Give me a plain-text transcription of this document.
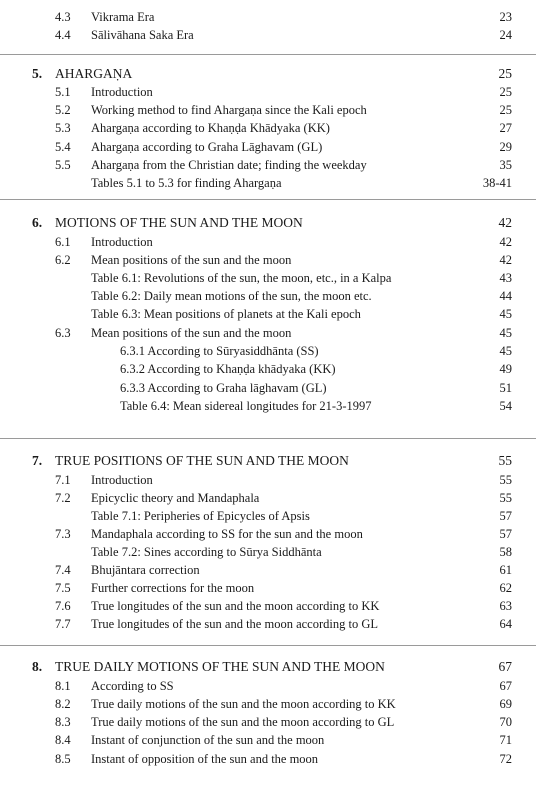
4.3 Vikrama Era	23
4.4 Sālivāhana Saka Era	24
5. AHARGAṆA	25
5.1 Introduction	25
5.2 Working method to find Ahargaṇa since the Kali epoch	25
5.3 Ahargaṇa according to Khaṇḍa Khādyaka (KK)	27
5.4 Ahargaṇa according to Graha Lāghavam (GL)	29
5.5 Ahargaṇa from the Christian date; finding the weekday	35
Tables 5.1 to 5.3 for finding Ahargaṇa	38-41
6. MOTIONS OF THE SUN AND THE MOON	42
6.1 Introduction	42
6.2 Mean positions of the sun and the moon	42
Table 6.1: Revolutions of the sun, the moon, etc., in a Kalpa	43
Table 6.2: Daily mean motions of the sun, the moon etc.	44
Table 6.3: Mean positions of planets at the Kali epoch	45
6.3 Mean positions of the sun and the moon	45
6.3.1 According to Sūryasiddhānta (SS)	45
6.3.2 According to Khaṇḍa khādyaka (KK)	49
6.3.3 According to Graha lāghavam (GL)	51
Table 6.4: Mean sidereal longitudes for 21-3-1997	54
7. TRUE POSITIONS OF THE SUN AND THE MOON	55
7.1 Introduction	55
7.2 Epicyclic theory and Mandaphala	55
Table 7.1: Peripheries of Epicycles of Apsis	57
7.3 Mandaphala according to SS for the sun and the moon	57
Table 7.2: Sines according to Sūrya Siddhānta	58
7.4 Bhujāntara correction	61
7.5 Further corrections for the moon	62
7.6 True longitudes of the sun and the moon according to KK	63
7.7 True longitudes of the sun and the moon according to GL	64
8. TRUE DAILY MOTIONS OF THE SUN AND THE MOON	67
8.1 According to SS	67
8.2 True daily motions of the sun and the moon according to KK	69
8.3 True daily motions of the sun and the moon according to GL	70
8.4 Instant of conjunction of the sun and the moon	71
8.5 Instant of opposition of the sun and the moon	72
